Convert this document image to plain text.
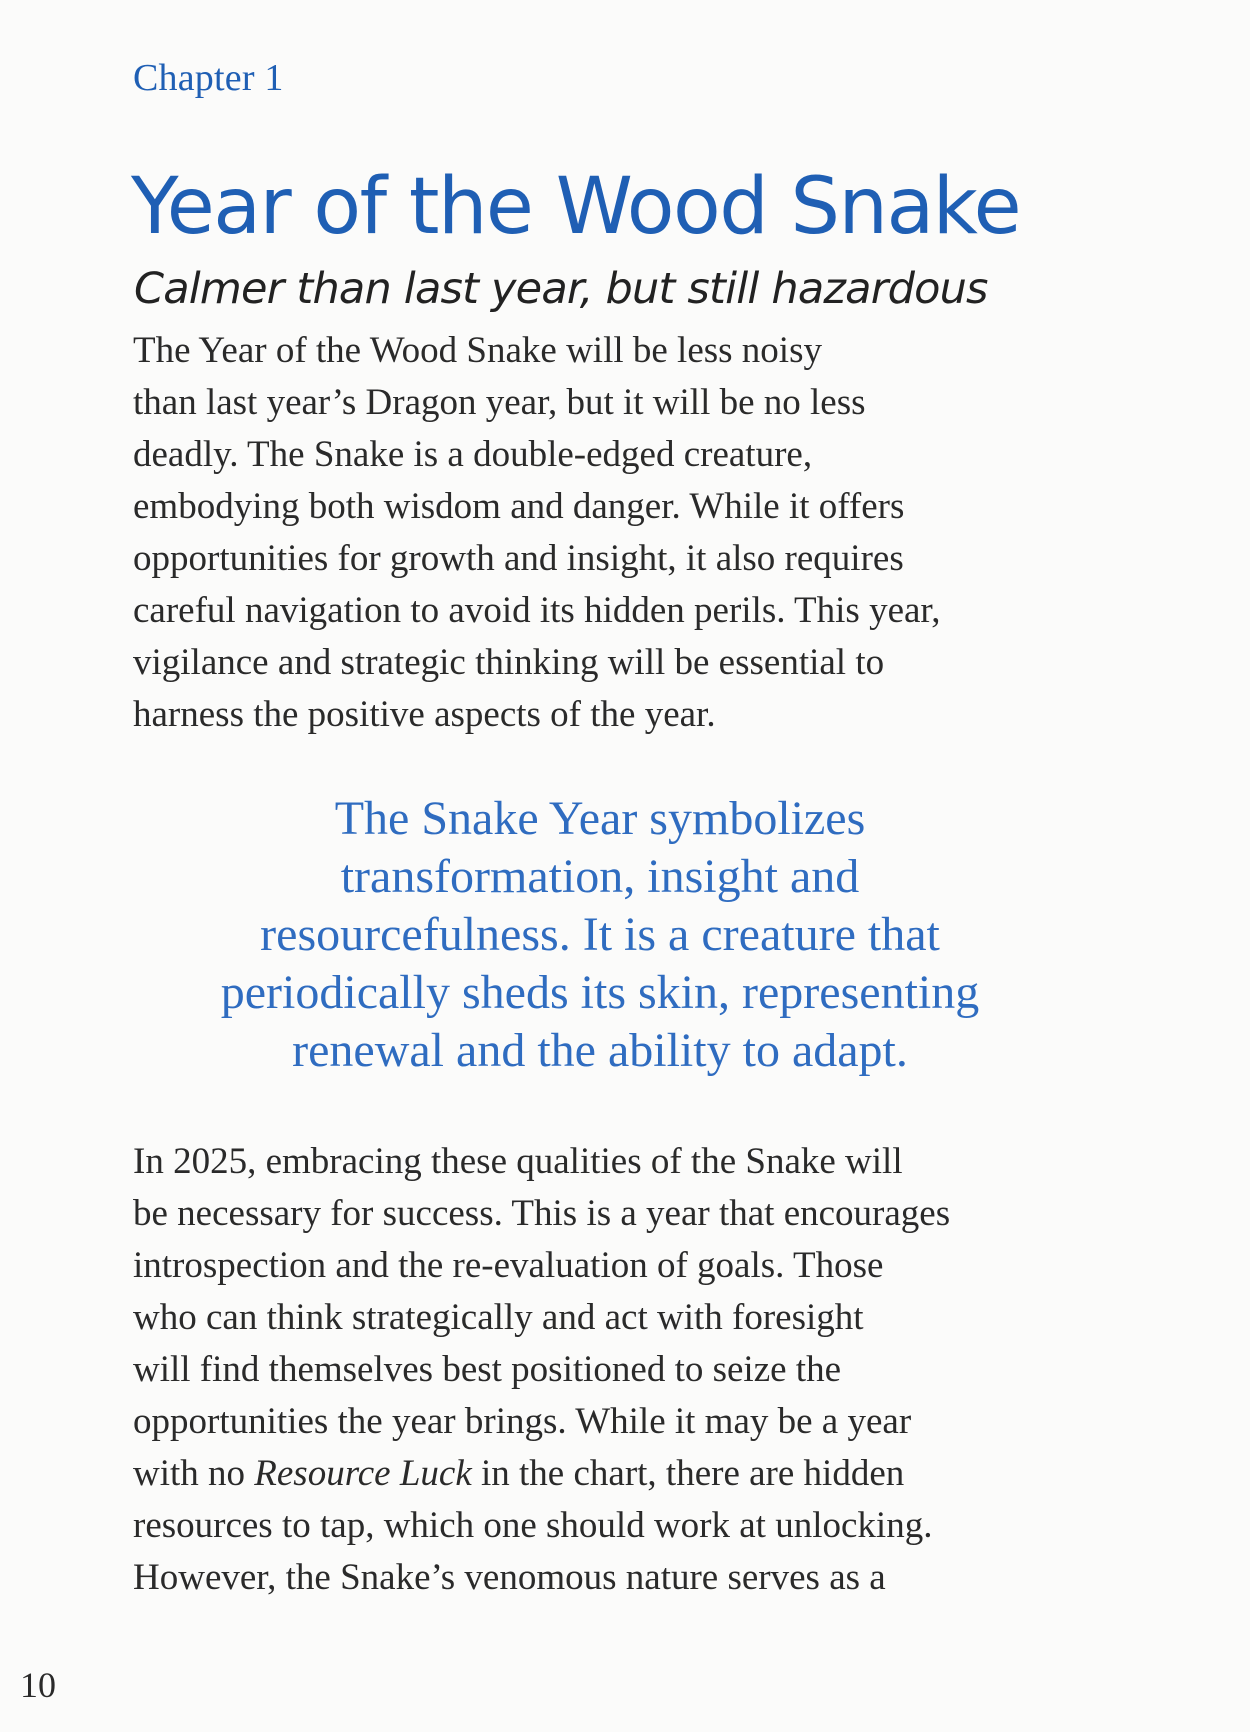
Chapter 1
Year of the Wood Snake
Calmer than last year, but still hazardous
The Year of the Wood Snake will be less noisy
than last year’s Dragon year, but it will be no less
deadly. The Snake is a double-edged creature,
embodying both wisdom and danger. While it offers
opportunities for growth and insight, it also requires
careful navigation to avoid its hidden perils. This year,
vigilance and strategic thinking will be essential to
harness the positive aspects of the year.
The Snake Year symbolizes
transformation, insight and
resourcefulness. It is a creature that
periodically sheds its skin, representing
renewal and the ability to adapt.
In 2025, embracing these qualities of the Snake will
be necessary for success. This is a year that encourages
introspection and the re-evaluation of goals. Those
who can think strategically and act with foresight
will find themselves best positioned to seize the
opportunities the year brings. While it may be a year
with no Resource Luck in the chart, there are hidden
resources to tap, which one should work at unlocking.
However, the Snake’s venomous nature serves as a
10
